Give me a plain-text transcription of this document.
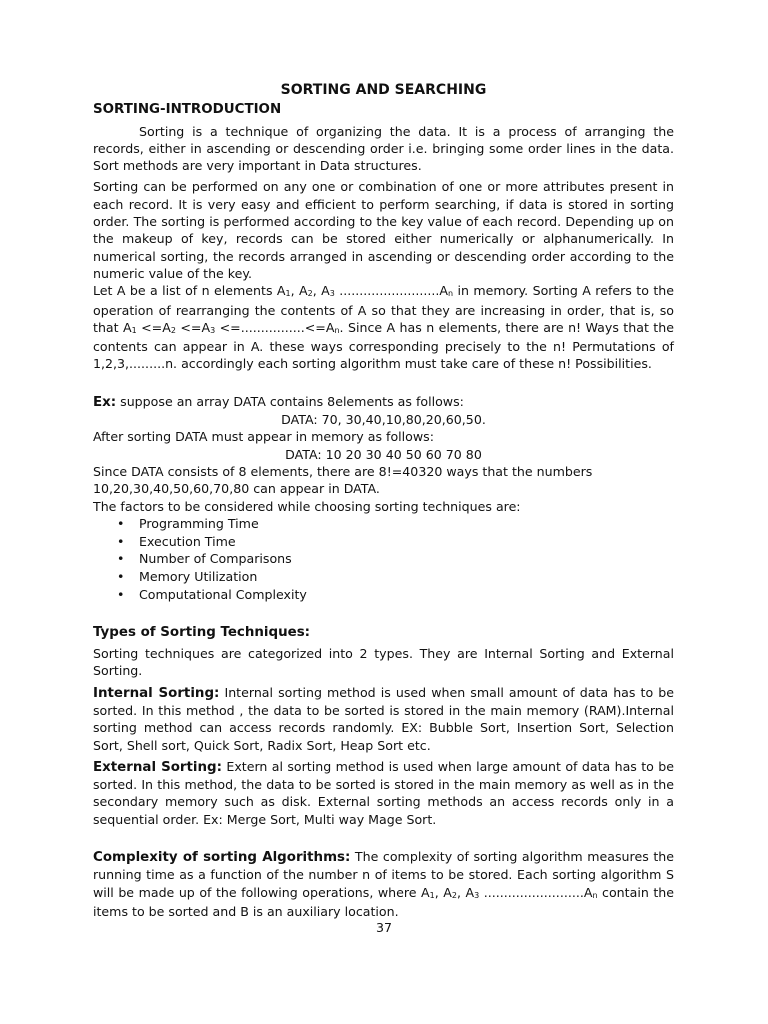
SORTING AND SEARCHING
SORTING-INTRODUCTION

Sorting is a technique of organizing the data. It is a process of arranging the records, either in ascending or descending order i.e. bringing some order lines in the data. Sort methods are very important in Data structures.

Sorting can be performed on any one or combination of one or more attributes present in each record. It is very easy and efficient to perform searching, if data is stored in sorting order. The sorting is performed according to the key value of each record. Depending up on the makeup of key, records can be stored either numerically or alphanumerically. In numerical sorting, the records arranged in ascending or descending order according to the numeric value of the key.

Let A be a list of n elements $A_1$, $A_2$, $A_3$ $.........................A_n$ in memory. Sorting A refers to the operation of rearranging the contents of A so that they are increasing in order, that is, so that $A_1 <=A_2 <=A_3 <=................<=A_n$. Since A has n elements, there are n! Ways that the contents can appear in A. these ways corresponding precisely to the n! Permutations of 1,2,3,.........n. accordingly each sorting algorithm must take care of these n! Possibilities.

Ex: suppose an array DATA contains 8elements as follows:

DATA: 70, 30,40,10,80,20,60,50.

After sorting DATA must appear in memory as follows:

DATA: 10 20 30 40 50 60 70 80

Since DATA consists of 8 elements, there are 8!=40320 ways that the numbers 10,20,30,40,50,60,70,80 can appear in DATA.

The factors to be considered while choosing sorting techniques are:

• Programming Time
• Execution Time
• Number of Comparisons
• Memory Utilization
• Computational Complexity
Types of Sorting Techniques:

Sorting techniques are categorized into 2 types. They are Internal Sorting and External Sorting.

Internal Sorting: Internal sorting method is used when small amount of data has to be sorted. In this method , the data to be sorted is stored in the main memory (RAM).Internal sorting method can access records randomly. EX: Bubble Sort, Insertion Sort, Selection Sort, Shell sort, Quick Sort, Radix Sort, Heap Sort etc.

External Sorting: Extern al sorting method is used when large amount of data has to be sorted. In this method, the data to be sorted is stored in the main memory as well as in the secondary memory such as disk. External sorting methods an access records only in a sequential order. Ex: Merge Sort, Multi way Mage Sort.

Complexity of sorting Algorithms: The complexity of sorting algorithm measures the running time as a function of the number n of items to be stored. Each sorting algorithm S will be made up of the following operations, where $A_1$, $A_2$, $A_3$ $.........................A_n$ contain the items to be sorted and B is an auxiliary location.

37
